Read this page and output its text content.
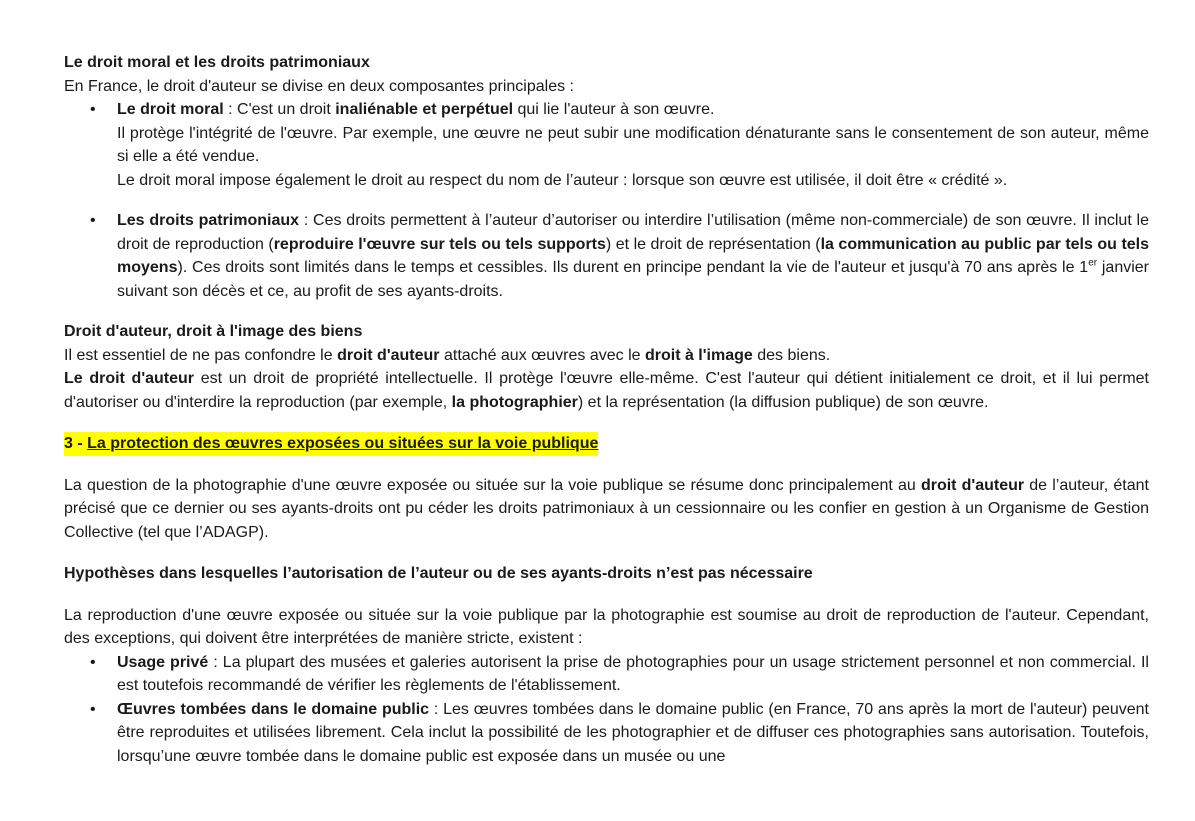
Le droit moral et les droits patrimoniaux

En France, le droit d'auteur se divise en deux composantes principales :

• Le droit moral : C'est un droit inaliénable et perpétuel qui lie l'auteur à son œuvre.

Il protège l'intégrité de l'œuvre. Par exemple, une œuvre ne peut subir une modification dénaturante sans le consentement de son auteur, même si elle a été vendue.

Le droit moral impose également le droit au respect du nom de l’auteur : lorsque son œuvre est utilisée, il doit être « crédité ».

• Les droits patrimoniaux : Ces droits permettent à l’auteur d’autoriser ou interdire l’utilisation (même non-commerciale) de son œuvre. Il inclut le droit de reproduction (reproduire l'œuvre sur tels ou tels supports) et le droit de représentation (la communication au public par tels ou tels moyens). Ces droits sont limités dans le temps et cessibles. Ils durent en principe pendant la vie de l'auteur et jusqu'à 70 ans après le 1er janvier suivant son décès et ce, au profit de ses ayants-droits.

Droit d'auteur, droit à l'image des biens

Il est essentiel de ne pas confondre le droit d'auteur attaché aux œuvres avec le droit à l'image des biens.

Le droit d'auteur est un droit de propriété intellectuelle. Il protège l'œuvre elle-même. C'est l'auteur qui détient initialement ce droit, et il lui permet d'autoriser ou d'interdire la reproduction (par exemple, la photographier) et la représentation (la diffusion publique) de son œuvre.

3 - La protection des œuvres exposées ou situées sur la voie publique

La question de la photographie d'une œuvre exposée ou située sur la voie publique se résume donc principalement au droit d'auteur de l’auteur, étant précisé que ce dernier ou ses ayants-droits ont pu céder les droits patrimoniaux à un cessionnaire ou les confier en gestion à un Organisme de Gestion Collective (tel que l’ADAGP).

Hypothèses dans lesquelles l’autorisation de l’auteur ou de ses ayants-droits n’est pas nécessaire

La reproduction d'une œuvre exposée ou située sur la voie publique par la photographie est soumise au droit de reproduction de l'auteur. Cependant, des exceptions, qui doivent être interprétées de manière stricte, existent :

• Usage privé : La plupart des musées et galeries autorisent la prise de photographies pour un usage strictement personnel et non commercial. Il est toutefois recommandé de vérifier les règlements de l'établissement.

• Œuvres tombées dans le domaine public : Les œuvres tombées dans le domaine public (en France, 70 ans après la mort de l'auteur) peuvent être reproduites et utilisées librement. Cela inclut la possibilité de les photographier et de diffuser ces photographies sans autorisation. Toutefois, lorsqu’une œuvre tombée dans le domaine public est exposée dans un musée ou une
